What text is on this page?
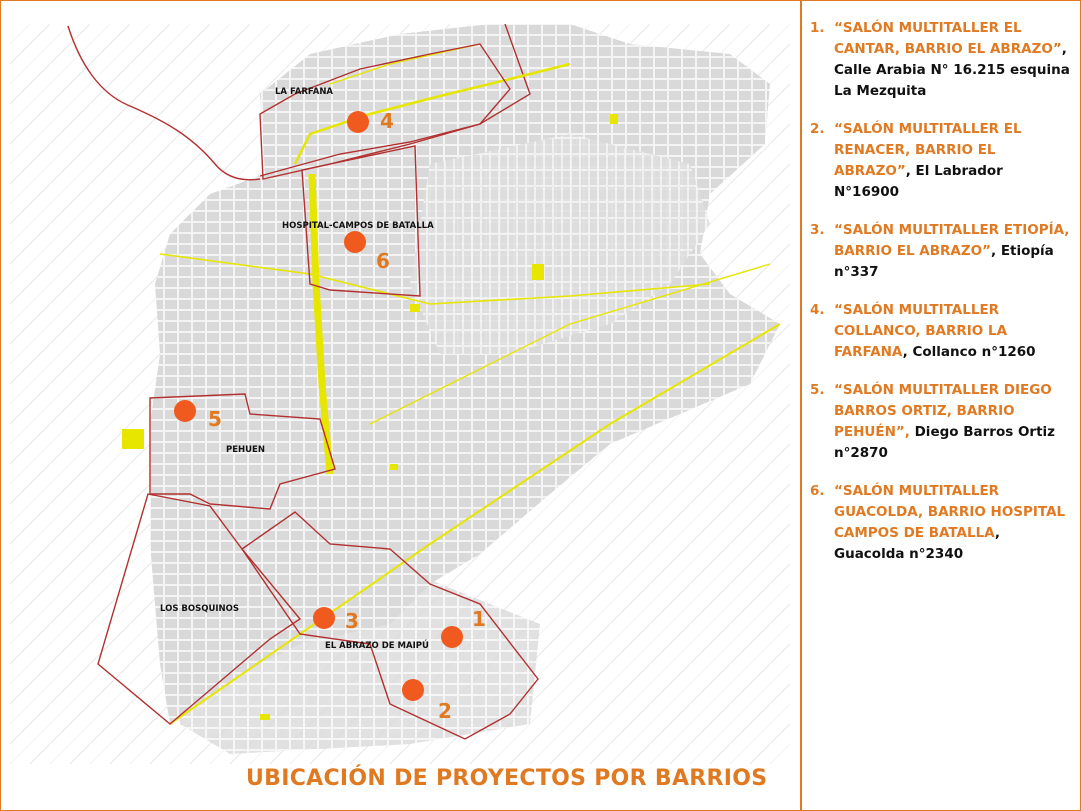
LA FARFANA
HOSPITAL-CAMPOS DE BATALLA
PEHUEN
LOS BOSQUINOS
EL ABRAZO DE MAIPÚ
1
2
3
4
5
6
UBICACIÓN DE PROYECTOS POR BARRIOS
1. “SALÓN MULTITALLER EL CANTAR, BARRIO EL ABRAZO”, Calle Arabia N° 16.215 esquina La Mezquita
2. “SALÓN MULTITALLER EL RENACER, BARRIO EL ABRAZO”, El Labrador N°16900
3. “SALÓN MULTITALLER ETIOPÍA, BARRIO EL ABRAZO”, Etiopía n°337
4. “SALÓN MULTITALLER COLLANCO, BARRIO LA FARFANA, Collanco n°1260
5. “SALÓN MULTITALLER DIEGO BARROS ORTIZ, BARRIO PEHUÉN”, Diego Barros Ortiz n°2870
6. “SALÓN MULTITALLER GUACOLDA, BARRIO HOSPITAL CAMPOS DE BATALLA, Guacolda n°2340
